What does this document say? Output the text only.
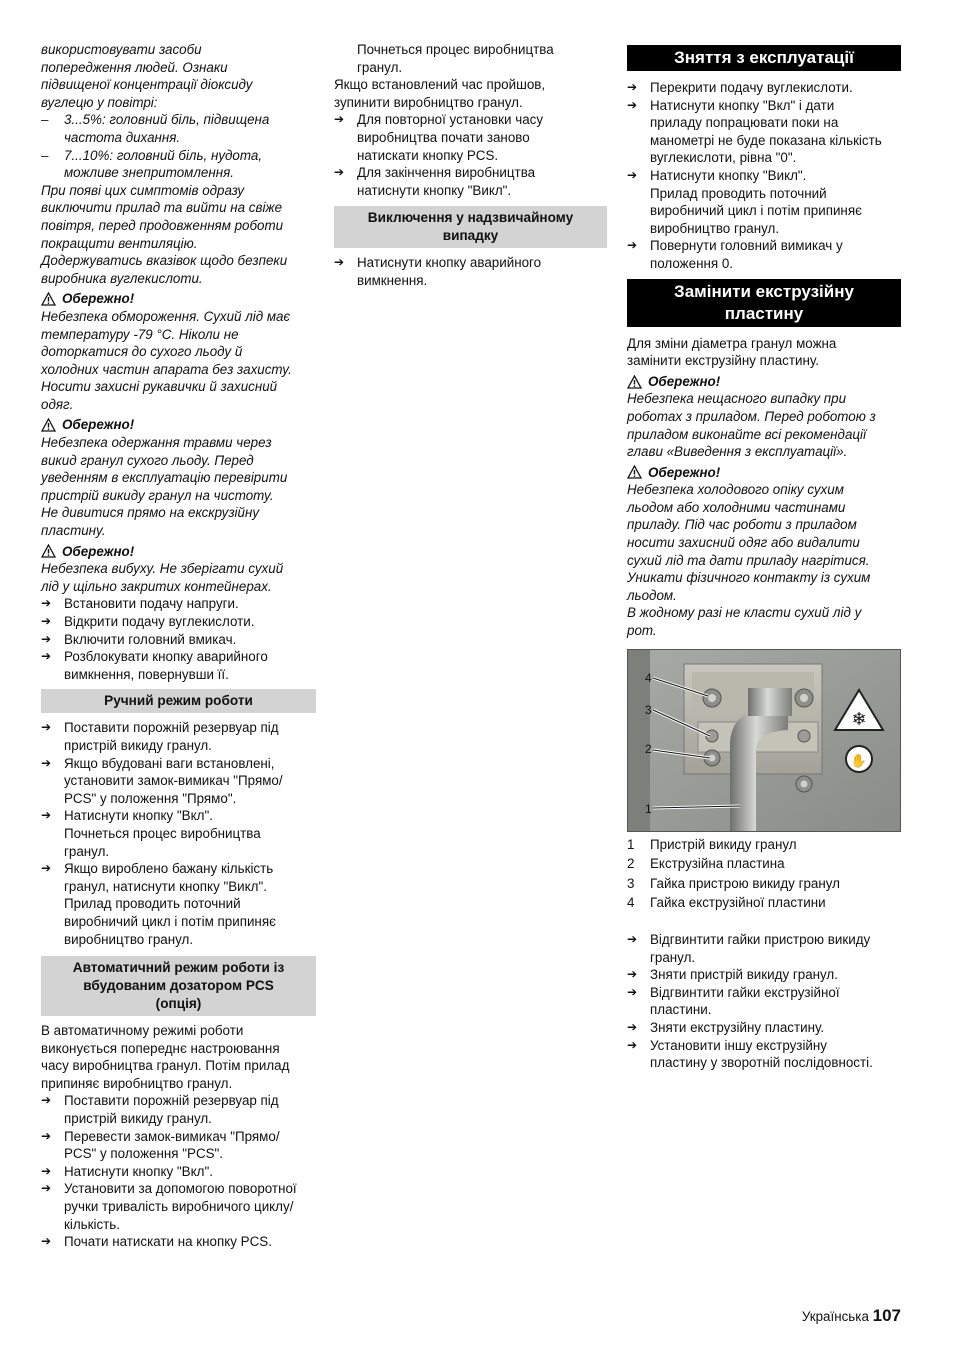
використовувати засоби

попередження людей. Ознаки

підвищеної концентрації діоксиду

вуглецю у повітрі:

–	3...5%: головний біль, підвищена

частота дихання.

–	7...10%: головний біль, нудота,

можливе знепритомлення.

При появі цих симптомів одразу

виключити прилад та вийти на свіже

повітря, перед продовженням роботи

покращити вентиляцію.

Додержуватись вказівок щодо безпеки

виробника вуглекислоти.

Обережно!

Небезпека обмороження. Сухий лід має

температуру -79 °C. Ніколи не

доторкатися до сухого льоду й

холодних частин апарата без захисту.

Носити захисні рукавички й захисний

одяг.

Обережно!

Небезпека одержання травми через

викид гранул сухого льоду. Перед

уведенням в експлуатацію перевірити

пристрій викиду гранул на чистоту.

Не дивитися прямо на екскрузійну

пластину.

Обережно!

Небезпека вибуху. Не зберігати сухий

лід у щільно закритих контейнерах.

➔ Встановити подачу напруги.

➔ Відкрити подачу вуглекислоти.

➔ Включити головний вмикач.

➔ Розблокувати кнопку аварийного

вимкнення, повернувши її.

Ручний режим роботи
➔ Поставити порожній резервуар під

пристрій викиду гранул.

➔ Якщо вбудовані ваги встановлені,

установити замок-вимикач "Прямо/

PCS" у положення "Прямо".

➔ Натиснути кнопку "Вкл".

Почнеться процес виробництва

гранул.

➔ Якщо вироблено бажану кількість

гранул, натиснути кнопку "Викл".

Прилад проводить поточний

виробничий цикл і потім припиняє

виробництво гранул.

Автоматичний режим роботи із

вбудованим дозатором PCS

(опція)

В автоматичному режимі роботи

виконується попереднє настроювання

часу виробництва гранул. Потім прилад

припиняє виробництво гранул.

➔ Поставити порожній резервуар під

пристрій викиду гранул.

➔ Перевести замок-вимикач "Прямо/

PCS" у положення "PCS".

➔ Натиснути кнопку "Вкл".

➔ Установити за допомогою поворотної

ручки тривалість виробничого циклу/

кількість.

➔ Почати натискати на кнопку PCS.

Почнеться процес виробництва

гранул.

Якщо встановлений час пройшов,

зупинити виробництво гранул.

➔ Для повторної установки часу

виробництва почати заново

натискати кнопку PCS.

➔ Для закінчення виробництва

натиснути кнопку "Викл".

Виключення у надзвичайному

випадку

➔ Натиснути кнопку аварийного

вимкнення.

Зняття з експлуатації
➔ Перекрити подачу вуглекислоти.

➔ Натиснути кнопку "Вкл" і дати

приладу попрацювати поки на

манометрі не буде показана кількість

вуглекислоти, рівна "0".

➔ Натиснути кнопку "Викл".

Прилад проводить поточний

виробничий цикл і потім припиняє

виробництво гранул.

➔ Повернути головний вимикач у

положення 0.

Замінити екструзійну

пластину

Для зміни діаметра гранул можна

замінити екструзійну пластину.

Обережно!

Небезпека нещасного випадку при

роботах з приладом. Перед роботою з

приладом виконайте всі рекомендації

глави «Виведення з експлуатації».

Обережно!

Небезпека холодового опіку сухим

льодом або холодними частинами

приладу. Під час роботи з приладом

носити захисний одяг або видалити

сухий лід та дати приладу нагрітися.

Уникати фізичного контакту із сухим

льодом.

В жодному разі не класти сухий лід у

рот.

❄
✋
4
3
2
1
1	Пристрій викиду гранул
2	Екструзійна пластина
3	Гайка пристрою викиду гранул
4	Гайка екструзійної пластини
➔ Відгвинтити гайки пристрою викиду

гранул.

➔ Зняти пристрій викиду гранул.

➔ Відгвинтити гайки екструзійної

пластини.

➔ Зняти екструзійну пластину.

➔ Установити іншу екструзійну

пластину у зворотній послідовності.

Українська 107
